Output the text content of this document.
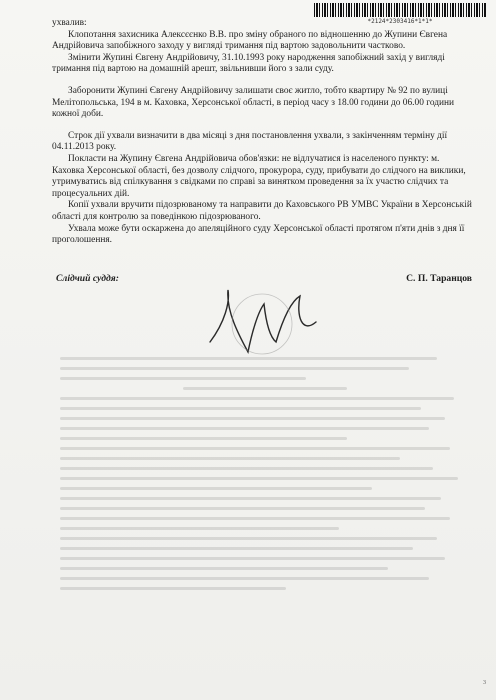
*2124*2303416*1*1*

ухвалив:

Клопотання захисника Алексєєнко В.В. про зміну обраного по відношенню до Жупини Євгена Андрійовича запобіжного заходу у вигляді тримання під вартою задовольнити частково.

Змінити Жупині Євгену Андрійовичу, 31.10.1993 року народження запобіжний захід у вигляді тримання під вартою на домашній арешт, звільнивши його з зали суду.

Заборонити Жупині Євгену Андрійовичу залишати своє житло, тобто квартиру № 92 по вулиці Мелітопольська, 194 в м. Каховка, Херсонської області, в період часу з 18.00 години до 06.00 години кожної доби.

Строк дії ухвали визначити в два місяці з дня постановлення ухвали, з закінченням терміну дії 04.11.2013 року.

Покласти на Жупину Євгена Андрійовича обов'язки: не відлучатися із населеного пункту: м. Каховка Херсонської області, без дозволу слідчого, прокурора, суду, прибувати до слідчого на виклики, утримуватись від спілкування з свідками по справі за винятком проведення за їх участю слідчих та процесуальних дій.

Копії ухвали вручити підозрюваному та направити до Каховського РВ УМВС України в Херсонській області для контролю за поведінкою підозрюваного.

Ухвала може бути оскаржена до апеляційного суду Херсонської області протягом п'яти днів з дня її проголошення.

Слідчий суддя:	С. П. Таранцов
3
